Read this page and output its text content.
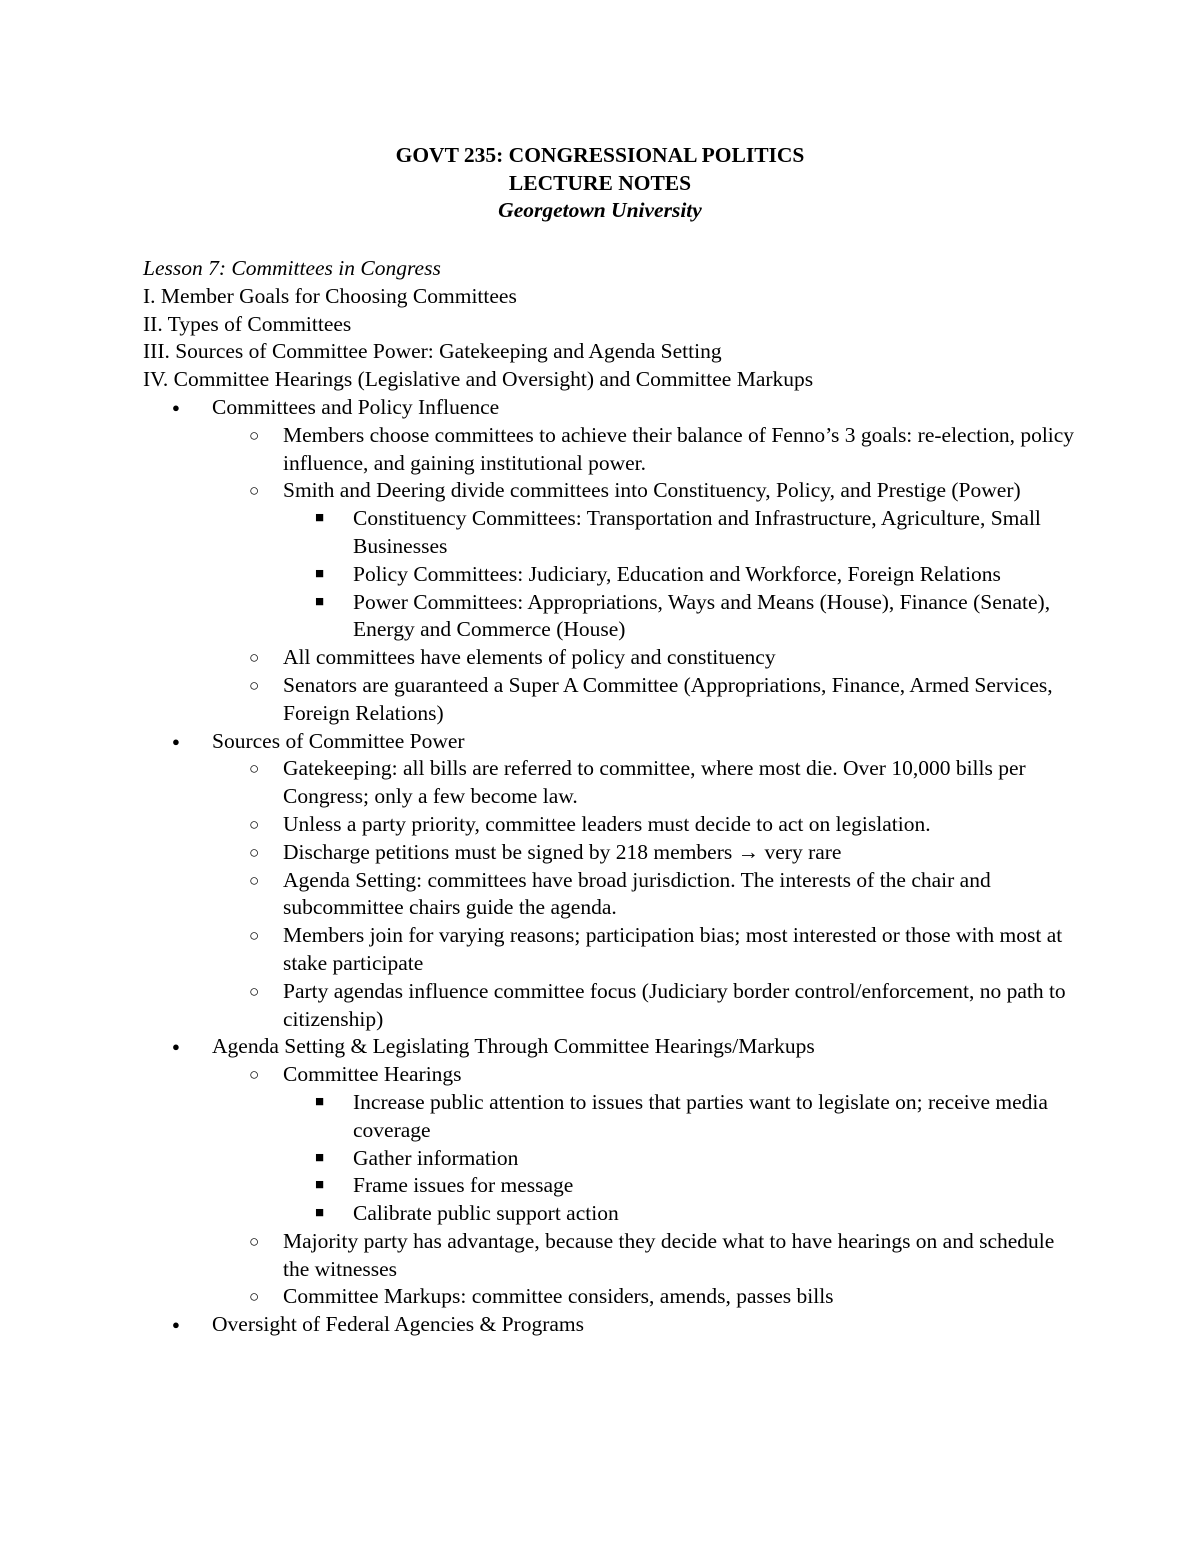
GOVT 235: CONGRESSIONAL POLITICS
LECTURE NOTES
Georgetown University
Lesson 7: Committees in Congress
I. Member Goals for Choosing Committees
II. Types of Committees
III. Sources of Committee Power: Gatekeeping and Agenda Setting
IV. Committee Hearings (Legislative and Oversight) and Committee Markups
● Committees and Policy Influence
○ Members choose committees to achieve their balance of Fenno’s 3 goals: re-election, policy influence, and gaining institutional power.
○ Smith and Deering divide committees into Constituency, Policy, and Prestige (Power)
■ Constituency Committees: Transportation and Infrastructure, Agriculture, Small Businesses
■ Policy Committees: Judiciary, Education and Workforce, Foreign Relations
■ Power Committees: Appropriations, Ways and Means (House), Finance (Senate), Energy and Commerce (House)
○ All committees have elements of policy and constituency
○ Senators are guaranteed a Super A Committee (Appropriations, Finance, Armed Services, Foreign Relations)
● Sources of Committee Power
○ Gatekeeping: all bills are referred to committee, where most die. Over 10,000 bills per Congress; only a few become law.
○ Unless a party priority, committee leaders must decide to act on legislation.
○ Discharge petitions must be signed by 218 members → very rare
○ Agenda Setting: committees have broad jurisdiction. The interests of the chair and subcommittee chairs guide the agenda.
○ Members join for varying reasons; participation bias; most interested or those with most at stake participate
○ Party agendas influence committee focus (Judiciary border control/enforcement, no path to citizenship)
● Agenda Setting & Legislating Through Committee Hearings/Markups
○ Committee Hearings
■ Increase public attention to issues that parties want to legislate on; receive media coverage
■ Gather information
■ Frame issues for message
■ Calibrate public support action
○ Majority party has advantage, because they decide what to have hearings on and schedule the witnesses
○ Committee Markups: committee considers, amends, passes bills
● Oversight of Federal Agencies & Programs
